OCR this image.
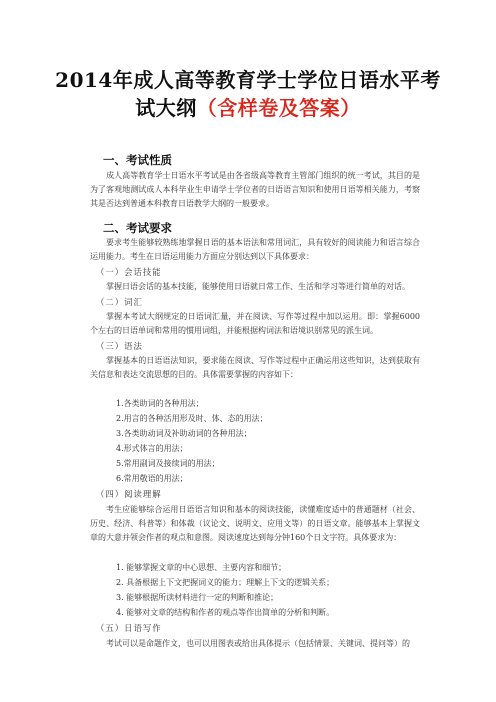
2014年成人高等教育学士学位日语水平考
试大纲（含样卷及答案）
一、考试性质
成人高等教育学士日语水平考试是由各省级高等教育主管部门组织的统一考试，其目的是为了客观地测试成人本科毕业生申请学士学位者的日语语言知识和使用日语等相关能力，考察其是否达到普通本科教育日语教学大纲的一般要求。
二、考试要求
要求考生能够较熟练地掌握日语的基本语法和常用词汇，具有较好的阅读能力和语言综合运用能力。考生在日语运用能力方面应分别达到以下具体要求：
（一）会话技能
掌握日语会话的基本技能，能够使用日语就日常工作、生活和学习等进行简单的对话。
（二）词汇
掌握本考试大纲规定的日语词汇量，并在阅读、写作等过程中加以运用。即：掌握6000个左右的日语单词和常用的惯用词组，并能根据构词法和语境识别常见的派生词。
（三）语法
掌握基本的日语语法知识，要求能在阅读、写作等过程中正确运用这些知识，达到获取有关信息和表达交流思想的目的。具体需要掌握的内容如下：
1.各类助词的各种用法；
2.用言的各种活用形及时、体、态的用法；
3.各类助动词及补助动词的各种用法；
4.形式体言的用法；
5.常用副词及接续词的用法；
6.常用敬语的用法；
（四）阅读理解
考生应能够综合运用日语语言知识和基本的阅读技能，读懂难度适中的普通题材（社会、历史、经济、科普等）和体裁（议论文、说明文、应用文等）的日语文章。能够基本上掌握文章的大意并领会作者的观点和意图。阅读速度达到每分钟160个日文字符。具体要求为：
1. 能够掌握文章的中心思想、主要内容和细节；
2. 具备根据上下文把握词义的能力；理解上下文的逻辑关系；
3. 能够根据所读材料进行一定的判断和推论；
4. 能够对文章的结构和作者的观点等作出简单的分析和判断。
（五）日语写作
考试可以是命题作文，也可以用图表或给出具体提示（包括情景、关键词、提问等）的
